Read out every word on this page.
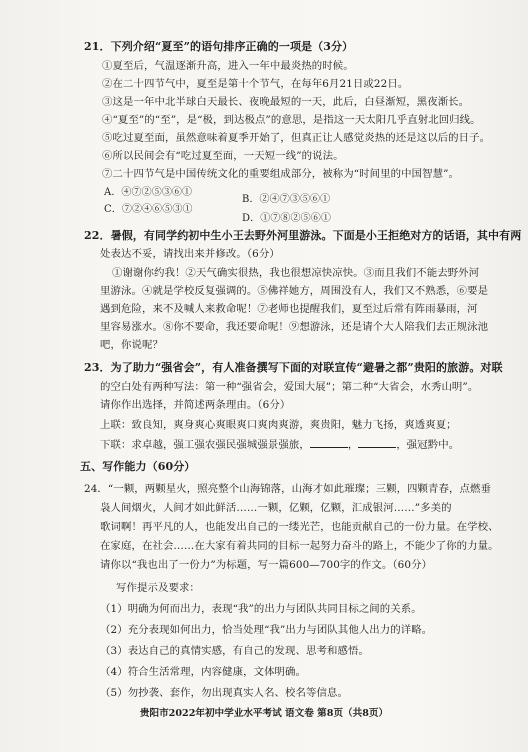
21．下列介绍“夏至”的语句排序正确的一项是（3分）
①夏至后，气温逐渐升高，进入一年中最炎热的时候。
②在二十四节气中，夏至是第十个节气，在每年6月21日或22日。
③这是一年中北半球白天最长、夜晚最短的一天，此后，白昼渐短，黑夜渐长。
④“夏至”的“至”，是“极，到达极点”的意思，是指这一天太阳几乎直射北回归线。
⑤吃过夏至面，虽然意味着夏季开始了，但真正让人感觉炎热的还是这以后的日子。
⑥所以民间会有“吃过夏至面，一天短一线”的说法。
⑦二十四节气是中国传统文化的重要组成部分，被称为“时间里的中国智慧”。
A．④⑦②⑤③⑥①
B．②④⑦③⑤⑥①
C．⑦②④⑥⑤③①
D．①⑦⑧②⑤⑥①
22．暑假，有同学约初中生小王去野外河里游泳。下面是小王拒绝对方的话语，其中有两
处表达不妥，请找出来并修改。（6分）
①谢谢你约我！②天气确实很热，我也很想凉快凉快。③而且我们不能去野外河
里游泳。④就是学校反复强调的。⑤佛祥她方，周围没有人，我们又不熟悉，⑥要是
遇到危险，来不及喊人来救命呢！⑦老师也提醒我们，夏至过后常有阵雨暴雨，河
里容易涨水。⑧你不要命，我还要命呢！⑨想游泳，还是请个大人陪我们去正规泳池
吧，你说呢？
23．为了助力“强省会”，有人准备撰写下面的对联宣传“避暑之都”贵阳的旅游。对联
的空白处有两种写法：第一种“强省会，爱国大展”；第二种“大省会，水秀山明”。
请你作出选择，并简述两条理由。（6分）
上联：致良知，爽身爽心爽眼爽口爽肉爽游，爽贵阳，魅力飞扬，爽透爽夏；
下联：求卓越，强工强农强民强城强景强旅，	，	，强冠黔中。
五、写作能力（60分）
24．“一颗，两颗星火，照亮整个山海锦落，山海才如此璀璨；三颗，四颗青春，点燃垂
袅人间烟火，人间才如此鲜活……一颗，亿颗，亿颗，汇成银河……”多美的
歌词啊！再平凡的人，也能发出自己的一缕光芒，也能贡献自己的一份力量。在学校、
在家庭，在社会……在大家有着共同的目标一起努力奋斗的路上，不能少了你的力量。
请你以“我也出了一份力”为标题，写一篇600—700字的作文。（60分）
写作提示及要求：
（1）明确为何而出力，表现“我”的出力与团队共同目标之间的关系。
（2）充分表现如何出力，恰当处理“我”出力与团队其他人出力的详略。
（3）表达自己的真情实感，有自己的发现、思考和感悟。
（4）符合生活常理，内容健康，文体明确。
（5）勿抄袭、套作，勿出现真实人名、校名等信息。
贵阳市2022年初中学业水平考试 语文卷 第8页（共8页）
